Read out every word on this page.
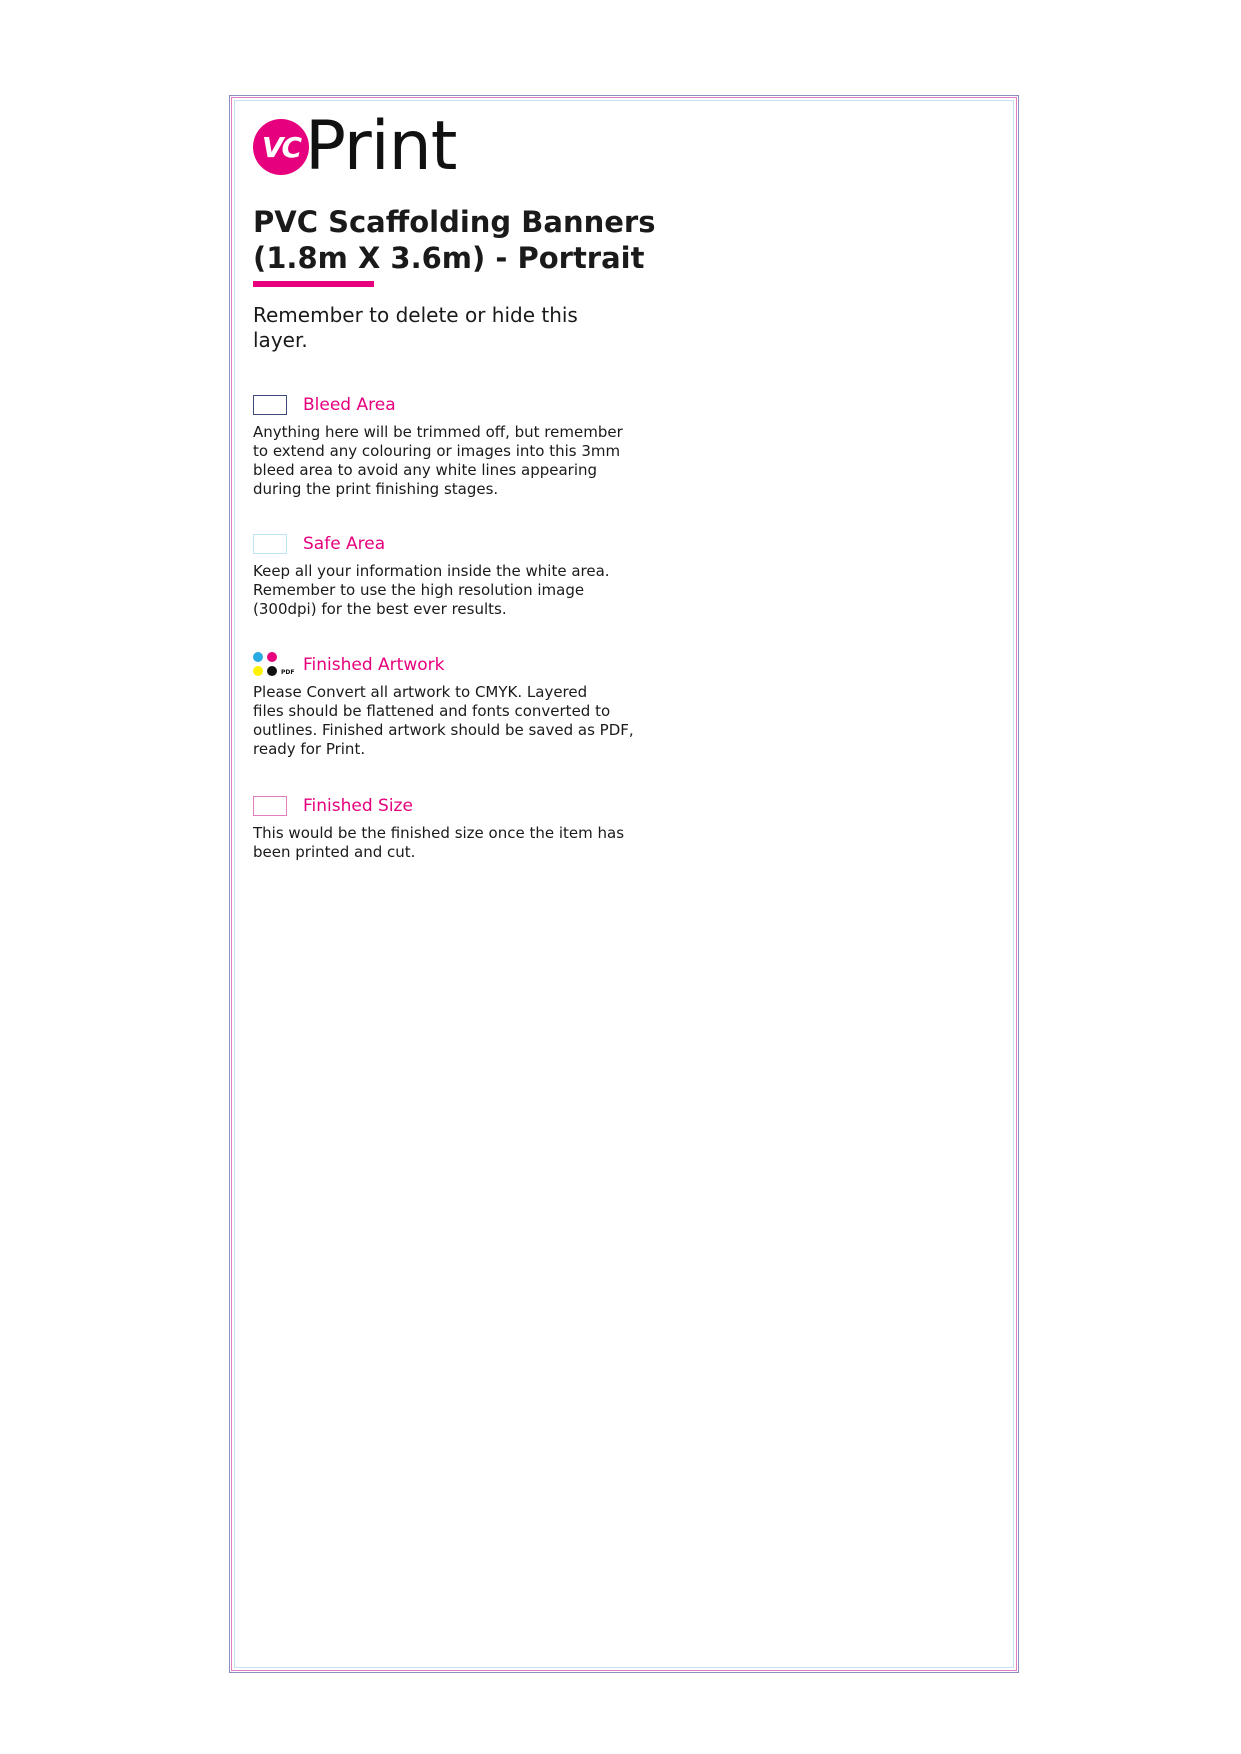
VC Print
PVC Scaffolding Banners
(1.8m X 3.6m) - Portrait
Remember to delete or hide this layer.
Bleed Area
Anything here will be trimmed off, but remember
to extend any colouring or images into this 3mm
bleed area to avoid any white lines appearing
during the print finishing stages.
Safe Area
Keep all your information inside the white area.
Remember to use the high resolution image
(300dpi) for the best ever results.
PDF Finished Artwork
Please Convert all artwork to CMYK. Layered
files should be flattened and fonts converted to
outlines. Finished artwork should be saved as PDF,
ready for Print.
Finished Size
This would be the finished size once the item has
been printed and cut.
